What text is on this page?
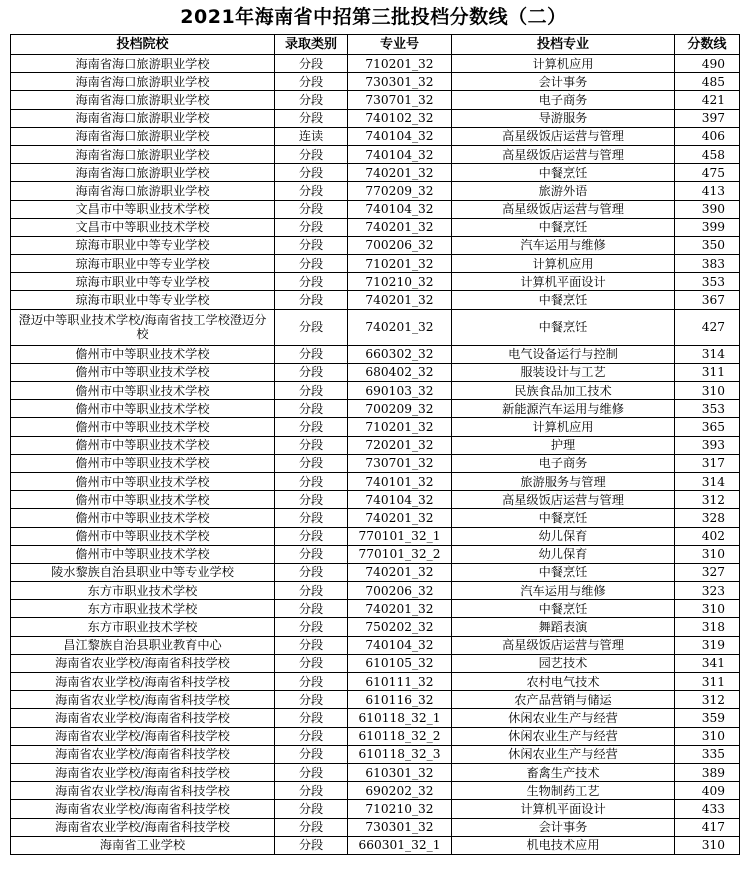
2021年海南省中招第三批投档分数线（二）
投档院校	录取类别	专业号	投档专业	分数线
海南省海口旅游职业学校	分段	710201_32	计算机应用	490
海南省海口旅游职业学校	分段	730301_32	会计事务	485
海南省海口旅游职业学校	分段	730701_32	电子商务	421
海南省海口旅游职业学校	分段	740102_32	导游服务	397
海南省海口旅游职业学校	连读	740104_32	高星级饭店运营与管理	406
海南省海口旅游职业学校	分段	740104_32	高星级饭店运营与管理	458
海南省海口旅游职业学校	分段	740201_32	中餐烹饪	475
海南省海口旅游职业学校	分段	770209_32	旅游外语	413
文昌市中等职业技术学校	分段	740104_32	高星级饭店运营与管理	390
文昌市中等职业技术学校	分段	740201_32	中餐烹饪	399
琼海市职业中等专业学校	分段	700206_32	汽车运用与维修	350
琼海市职业中等专业学校	分段	710201_32	计算机应用	383
琼海市职业中等专业学校	分段	710210_32	计算机平面设计	353
琼海市职业中等专业学校	分段	740201_32	中餐烹饪	367
澄迈中等职业技术学校/海南省技工学校澄迈分校	分段	740201_32	中餐烹饪	427
儋州市中等职业技术学校	分段	660302_32	电气设备运行与控制	314
儋州市中等职业技术学校	分段	680402_32	服装设计与工艺	311
儋州市中等职业技术学校	分段	690103_32	民族食品加工技术	310
儋州市中等职业技术学校	分段	700209_32	新能源汽车运用与维修	353
儋州市中等职业技术学校	分段	710201_32	计算机应用	365
儋州市中等职业技术学校	分段	720201_32	护理	393
儋州市中等职业技术学校	分段	730701_32	电子商务	317
儋州市中等职业技术学校	分段	740101_32	旅游服务与管理	314
儋州市中等职业技术学校	分段	740104_32	高星级饭店运营与管理	312
儋州市中等职业技术学校	分段	740201_32	中餐烹饪	328
儋州市中等职业技术学校	分段	770101_32_1	幼儿保育	402
儋州市中等职业技术学校	分段	770101_32_2	幼儿保育	310
陵水黎族自治县职业中等专业学校	分段	740201_32	中餐烹饪	327
东方市职业技术学校	分段	700206_32	汽车运用与维修	323
东方市职业技术学校	分段	740201_32	中餐烹饪	310
东方市职业技术学校	分段	750202_32	舞蹈表演	318
昌江黎族自治县职业教育中心	分段	740104_32	高星级饭店运营与管理	319
海南省农业学校/海南省科技学校	分段	610105_32	园艺技术	341
海南省农业学校/海南省科技学校	分段	610111_32	农村电气技术	311
海南省农业学校/海南省科技学校	分段	610116_32	农产品营销与储运	312
海南省农业学校/海南省科技学校	分段	610118_32_1	休闲农业生产与经营	359
海南省农业学校/海南省科技学校	分段	610118_32_2	休闲农业生产与经营	310
海南省农业学校/海南省科技学校	分段	610118_32_3	休闲农业生产与经营	335
海南省农业学校/海南省科技学校	分段	610301_32	畜禽生产技术	389
海南省农业学校/海南省科技学校	分段	690202_32	生物制药工艺	409
海南省农业学校/海南省科技学校	分段	710210_32	计算机平面设计	433
海南省农业学校/海南省科技学校	分段	730301_32	会计事务	417
海南省工业学校	分段	660301_32_1	机电技术应用	310
